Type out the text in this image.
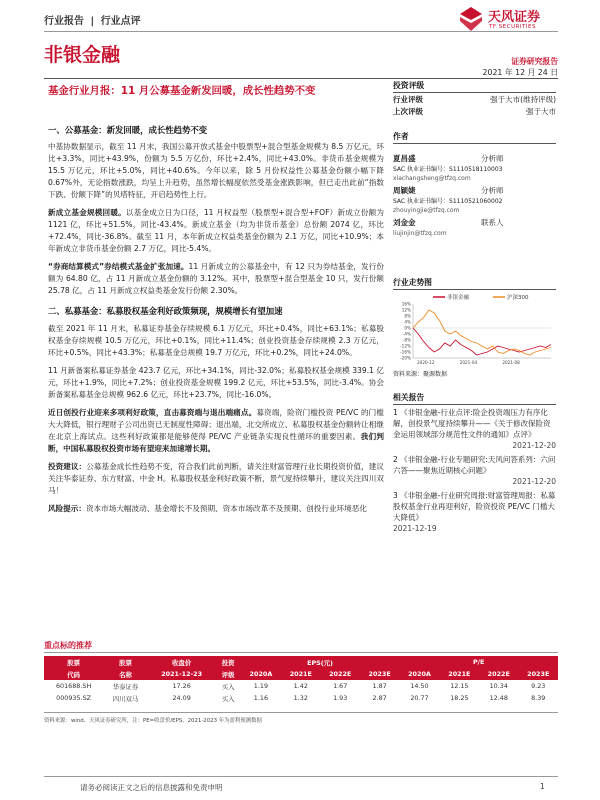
行业报告 | 行业点评	天风证券
TF SECURITIES
非银金融	证券研究报告
2021 年 12 月 24 日
基金行业月报：11 月公募基金新发回暖，成长性趋势不变
一、公募基金：新发回暖，成长性趋势不变
中基协数据显示，截至 11 月末，我国公募开放式基金中股票型+混合型基金规模为 8.5 万亿元，环比+3.3%，同比+43.9%，份额为 5.5 万亿份，环比+2.4%，同比+43.0%。非货币基金规模为 15.5 万亿元，环比+5.0%，同比+40.6%。今年以来，除 5 月份权益性公募基金份额小幅下降 0.67%外，无论指数涨跌，均呈上升趋势，虽然增长幅度依然受基金涨跌影响，但已走出此前“指数下跌、份额下降”的贝塔特征，开启趋势性上行。
新成立基金规模回暖。以基金成立日为口径，11 月权益型（股票型+混合型+FOF）新成立份额为 1121 亿，环比+51.5%，同比-43.4%。新成立基金（均为非货币基金）总份额 2074 亿，环比+72.4%，同比-36.8%。截至 11 月，本年新成立权益类基金份额为 2.1 万亿，同比+10.9%；本年新成立非货币基金份额 2.7 万亿，同比-5.4%。
“券商结算模式”券结模式基金扩张加速。11 月新成立的公募基金中，有 12 只为券结基金，发行份额为 64.80 亿，占 11 月新成立基金份额的 3.12%。其中，股票型+混合型基金 10 只，发行份额 25.78 亿，占 11 月新成立权益类基金发行份额 2.30%。
二、私募基金：私募股权基金利好政策频现，规模增长有望加速
截至 2021 年 11 月末，私募证券基金存续规模 6.1 万亿元，环比+0.4%，同比+63.1%；私募股权基金存续规模 10.5 万亿元，环比+0.1%，同比+11.4%；创业投资基金存续规模 2.3 万亿元，环比+0.5%，同比+43.3%；私募基金总规模 19.7 万亿元，环比+0.2%，同比+24.0%。
11 月新备案私募证券基金 423.7 亿元，环比+34.1%，同比-32.0%；私募股权基金规模 339.1 亿元，环比+1.9%，同比+7.2%；创业投资基金规模 199.2 亿元，环比+53.5%，同比-3.4%。协会新备案私募基金总规模 962.6 亿元，环比+23.7%，同比-16.0%。
近日创投行业迎来多项利好政策，直击募资端与退出端痛点。募资端，险资门槛投资 PE/VC 的门槛大大降低，银行理财子公司出资已无制度性障碍；退出端，北交所成立、私募股权基金份额转让相继在北京上海试点。这些利好政策都是能够使得 PE/VC 产业链条实现良性循环的重要因素。我们判断，中国私募股权投资市场有望迎来加速增长期。
投资建议：公募基金成长性趋势不变，符合我们此前判断，请关注财富管理行业长期投资价值，建议关注华泰证券、东方财富、中金 H。私募股权基金利好政策不断，景气度持续攀升，建议关注四川双马！
风险提示：资本市场大幅波动、基金增长不及预期、资本市场改革不及预期、创投行业环境恶化
投资评级
行业评级	强于大市(维持评级)
上次评级	强于大市
作者
夏昌盛	分析师
SAC 执业证书编号：S1110518110003
xiachangsheng@tfzq.com
周颖婕	分析师
SAC 执业证书编号：S1110521060002
zhouyingjie@tfzq.com
刘金金	联系人
liujinjin@tfzq.com
行业走势图
非银金融	沪深300
16%
12%
8%
4%
0%
-4%
-8%
-12%
-16%
-20%
2020-12	2021-04	2021-08
资料来源：聚源数据
相关报告
1 《非银金融-行业点评:险企投资端压力有序化解，创投景气度持续攀升——《关于修改保险资金运用领域部分规范性文件的通知》点评》
2021-12-20
2 《非银金融-行业专题研究:天风问答系列：六问六答——聚焦近期核心问题》
2021-12-20
3 《非银金融-行业研究周报:财富管理周报：私募股权基金行业再迎利好，险资投资 PE/VC 门槛大大降低》
2021-12-19
重点标的推荐
股票	股票	收盘价	投资	EPS(元)				P/E			
代码	名称	2021-12-23	评级	2020A	2021E	2022E	2023E	2020A	2021E	2022E	2023E
601688.SH	华泰证券	17.26	买入	1.19	1.42	1.67	1.87	14.50	12.15	10.34	9.23
000935.SZ	四川双马	24.09	买入	1.16	1.32	1.93	2.87	20.77	18.25	12.48	8.39
资料来源：wind、天风证券研究所，注：PE=收盘价/EPS，2021-2023 年为盈利预测数据
请务必阅读正文之后的信息披露和免责申明	1
